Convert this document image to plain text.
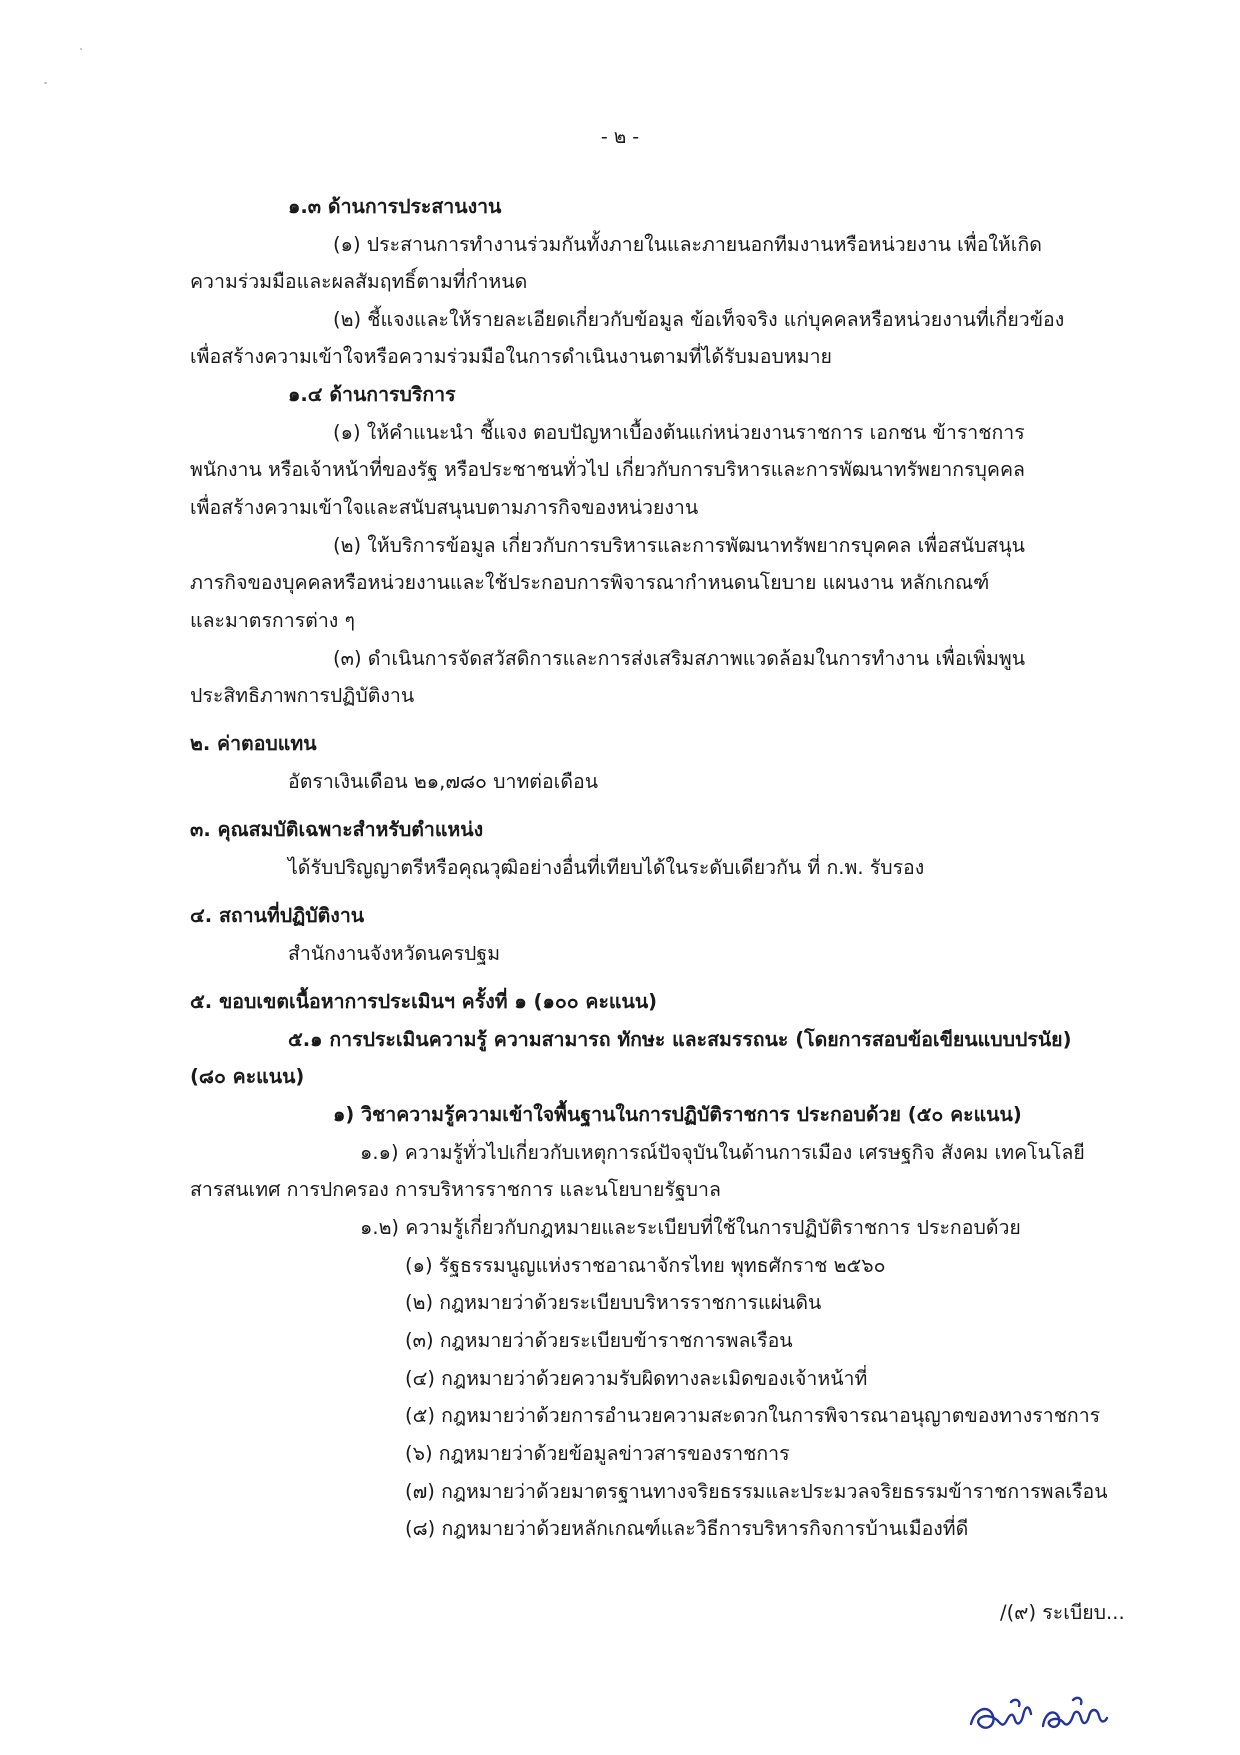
- ๒ -
๑.๓ ด้านการประสานงาน
(๑) ประสานการทำงานร่วมกันทั้งภายในและภายนอกทีมงานหรือหน่วยงาน เพื่อให้เกิด
ความร่วมมือและผลสัมฤทธิ์ตามที่กำหนด
(๒) ชี้แจงและให้รายละเอียดเกี่ยวกับข้อมูล ข้อเท็จจริง แก่บุคคลหรือหน่วยงานที่เกี่ยวข้อง
เพื่อสร้างความเข้าใจหรือความร่วมมือในการดำเนินงานตามที่ได้รับมอบหมาย
๑.๔ ด้านการบริการ
(๑) ให้คำแนะนำ ชี้แจง ตอบปัญหาเบื้องต้นแก่หน่วยงานราชการ เอกชน ข้าราชการ
พนักงาน หรือเจ้าหน้าที่ของรัฐ หรือประชาชนทั่วไป เกี่ยวกับการบริหารและการพัฒนาทรัพยากรบุคคล
เพื่อสร้างความเข้าใจและสนับสนุนบตามภารกิจของหน่วยงาน
(๒) ให้บริการข้อมูล เกี่ยวกับการบริหารและการพัฒนาทรัพยากรบุคคล เพื่อสนับสนุน
ภารกิจของบุคคลหรือหน่วยงานและใช้ประกอบการพิจารณากำหนดนโยบาย แผนงาน หลักเกณฑ์
และมาตรการต่าง ๆ
(๓) ดำเนินการจัดสวัสดิการและการส่งเสริมสภาพแวดล้อมในการทำงาน เพื่อเพิ่มพูน
ประสิทธิภาพการปฏิบัติงาน
๒. ค่าตอบแทน
อัตราเงินเดือน ๒๑,๗๘๐ บาทต่อเดือน
๓. คุณสมบัติเฉพาะสำหรับตำแหน่ง
ได้รับปริญญาตรีหรือคุณวุฒิอย่างอื่นที่เทียบได้ในระดับเดียวกัน ที่ ก.พ. รับรอง
๔. สถานที่ปฏิบัติงาน
สำนักงานจังหวัดนครปฐม
๕. ขอบเขตเนื้อหาการประเมินฯ ครั้งที่ ๑ (๑๐๐ คะแนน)
๕.๑ การประเมินความรู้ ความสามารถ ทักษะ และสมรรถนะ (โดยการสอบข้อเขียนแบบปรนัย)
(๘๐ คะแนน)
๑) วิชาความรู้ความเข้าใจพื้นฐานในการปฏิบัติราชการ ประกอบด้วย (๕๐ คะแนน)
๑.๑) ความรู้ทั่วไปเกี่ยวกับเหตุการณ์ปัจจุบันในด้านการเมือง เศรษฐกิจ สังคม เทคโนโลยี
สารสนเทศ การปกครอง การบริหารราชการ และนโยบายรัฐบาล
๑.๒) ความรู้เกี่ยวกับกฎหมายและระเบียบที่ใช้ในการปฏิบัติราชการ ประกอบด้วย
(๑) รัฐธรรมนูญแห่งราชอาณาจักรไทย พุทธศักราช ๒๕๖๐
(๒) กฎหมายว่าด้วยระเบียบบริหารราชการแผ่นดิน
(๓) กฎหมายว่าด้วยระเบียบข้าราชการพลเรือน
(๔) กฎหมายว่าด้วยความรับผิดทางละเมิดของเจ้าหน้าที่
(๕) กฎหมายว่าด้วยการอำนวยความสะดวกในการพิจารณาอนุญาตของทางราชการ
(๖) กฎหมายว่าด้วยข้อมูลข่าวสารของราชการ
(๗) กฎหมายว่าด้วยมาตรฐานทางจริยธรรมและประมวลจริยธรรมข้าราชการพลเรือน
(๘) กฎหมายว่าด้วยหลักเกณฑ์และวิธีการบริหารกิจการบ้านเมืองที่ดี
/(๙) ระเบียบ...
